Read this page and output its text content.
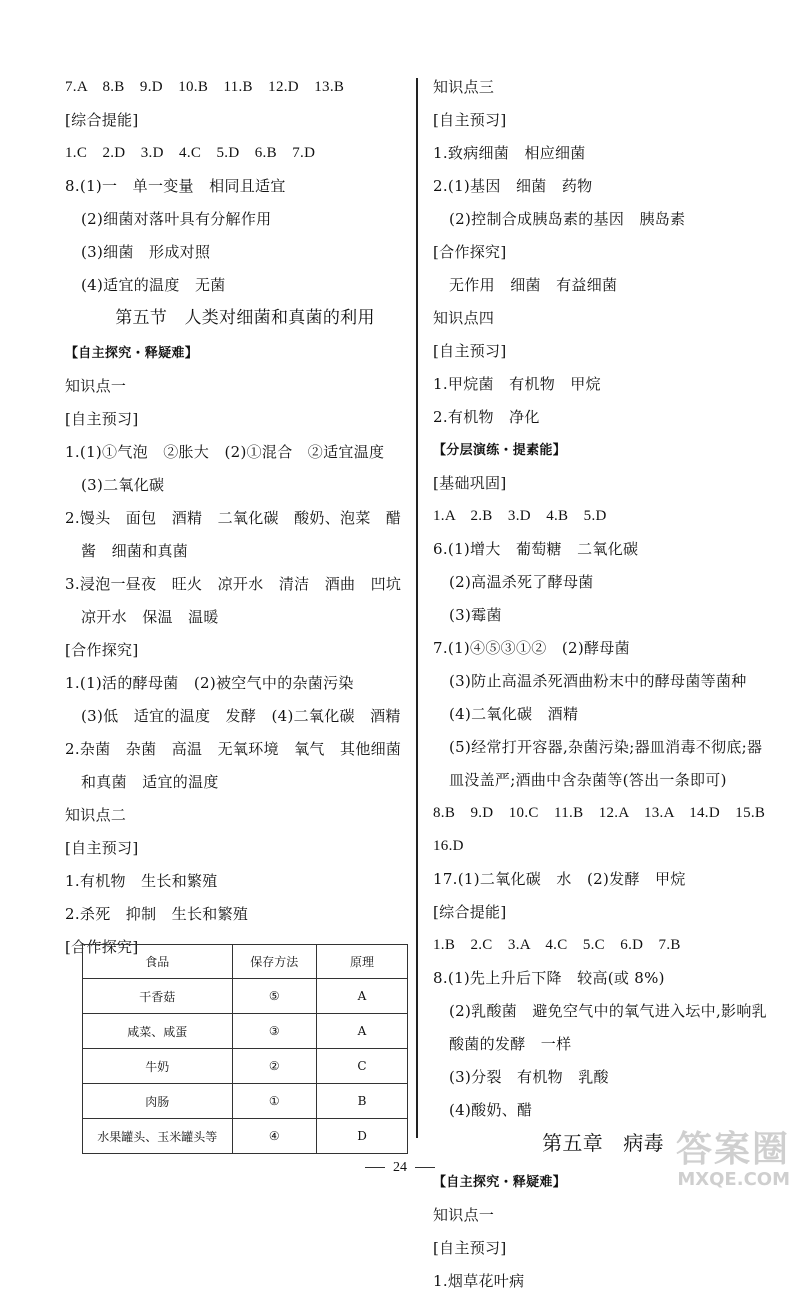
7.A　8.B　9.D　10.B　11.B　12.D　13.B
[综合提能]
1.C　2.D　3.D　4.C　5.D　6.B　7.D
8.(1)一　单一变量　相同且适宜
(2)细菌对落叶具有分解作用
(3)细菌　形成对照
(4)适宜的温度　无菌
第五节　人类对细菌和真菌的利用
【自主探究・释疑难】
知识点一
[自主预习]
1.(1)①气泡　②胀大　(2)①混合　②适宜温度
(3)二氧化碳
2.馒头　面包　酒精　二氧化碳　酸奶、泡菜　醋
酱　细菌和真菌
3.浸泡一昼夜　旺火　凉开水　清洁　酒曲　凹坑
凉开水　保温　温暖
[合作探究]
1.(1)活的酵母菌　(2)被空气中的杂菌污染
(3)低　适宜的温度　发酵　(4)二氧化碳　酒精
2.杂菌　杂菌　高温　无氧环境　氧气　其他细菌
和真菌　适宜的温度
知识点二
[自主预习]
1.有机物　生长和繁殖
2.杀死　抑制　生长和繁殖
[合作探究]
知识点三
[自主预习]
1.致病细菌　相应细菌
2.(1)基因　细菌　药物
(2)控制合成胰岛素的基因　胰岛素
[合作探究]
无作用　细菌　有益细菌
知识点四
[自主预习]
1.甲烷菌　有机物　甲烷
2.有机物　净化
【分层演练・提素能】
[基础巩固]
1.A　2.B　3.D　4.B　5.D
6.(1)增大　葡萄糖　二氧化碳
(2)高温杀死了酵母菌
(3)霉菌
7.(1)④⑤③①②　(2)酵母菌
(3)防止高温杀死酒曲粉末中的酵母菌等菌种
(4)二氧化碳　酒精
(5)经常打开容器,杂菌污染;器皿消毒不彻底;器
皿没盖严;酒曲中含杂菌等(答出一条即可)
8.B　9.D　10.C　11.B　12.A　13.A　14.D　15.B
16.D
17.(1)二氧化碳　水　(2)发酵　甲烷
[综合提能]
1.B　2.C　3.A　4.C　5.C　6.D　7.B
8.(1)先上升后下降　较高(或 8%)
(2)乳酸菌　避免空气中的氧气进入坛中,影响乳
酸菌的发酵　一样
(3)分裂　有机物　乳酸
(4)酸奶、醋
第五章　病毒
【自主探究・释疑难】
知识点一
[自主预习]
1.烟草花叶病
食品	保存方法	原理
干香菇	⑤	A
咸菜、咸蛋	③	A
牛奶	②	C
肉肠	①	B
水果罐头、玉米罐头等	④	D
24	答案圈
MXQE.COM
